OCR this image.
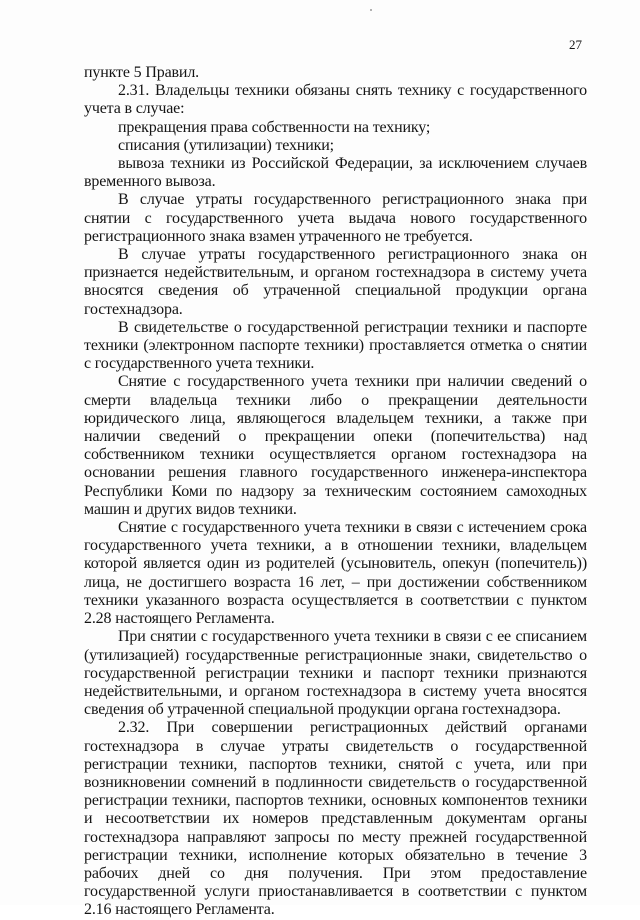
27

пункте 5 Правил.

2.31. Владельцы техники обязаны снять технику с государственного учета в случае:

прекращения права собственности на технику;

списания (утилизации) техники;

вывоза техники из Российской Федерации, за исключением случаев временного вывоза.

В случае утраты государственного регистрационного знака при снятии с государственного учета выдача нового государственного регистрационного знака взамен утраченного не требуется.

В случае утраты государственного регистрационного знака он признается недействительным, и органом гостехнадзора в систему учета вносятся сведения об утраченной специальной продукции органа гостехнадзора.

В свидетельстве о государственной регистрации техники и паспорте техники (электронном паспорте техники) проставляется отметка о снятии с государственного учета техники.

Снятие с государственного учета техники при наличии сведений о смерти владельца техники либо о прекращении деятельности юридического лица, являющегося владельцем техники, а также при наличии сведений о прекращении опеки (попечительства) над собственником техники осуществляется органом гостехнадзора на основании решения главного государственного инженера-инспектора Республики Коми по надзору за техническим состоянием самоходных машин и других видов техники.

Снятие с государственного учета техники в связи с истечением срока государственного учета техники, а в отношении техники, владельцем которой является один из родителей (усыновитель, опекун (попечитель)) лица, не достигшего возраста 16 лет, – при достижении собственником техники указанного возраста осуществляется в соответствии с пунктом 2.28 настоящего Регламента.

При снятии с государственного учета техники в связи с ее списанием (утилизацией) государственные регистрационные знаки, свидетельство о государственной регистрации техники и паспорт техники признаются недействительными, и органом гостехнадзора в систему учета вносятся сведения об утраченной специальной продукции органа гостехнадзора.

2.32. При совершении регистрационных действий органами гостехнадзора в случае утраты свидетельств о государственной регистрации техники, паспортов техники, снятой с учета, или при возникновении сомнений в подлинности свидетельств о государственной регистрации техники, паспортов техники, основных компонентов техники и несоответствии их номеров представленным документам органы гостехнадзора направляют запросы по месту прежней государственной регистрации техники, исполнение которых обязательно в течение 3 рабочих дней со дня получения. При этом предоставление государственной услуги приостанавливается в соответствии с пунктом 2.16 настоящего Регламента.
